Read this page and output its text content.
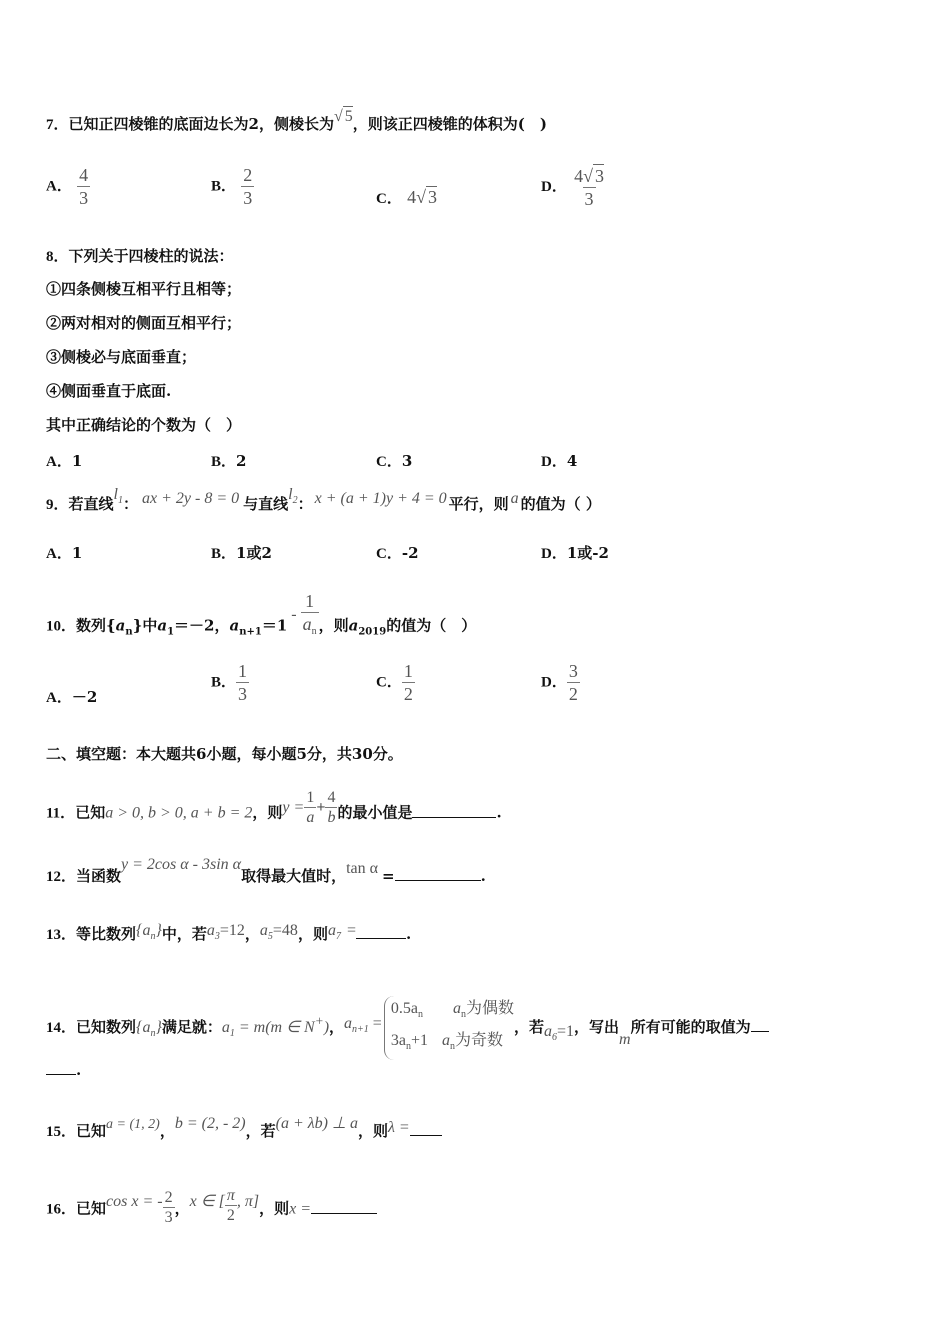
7．已知正四棱锥的底面边长为2，侧棱长为√ 5，则该正四棱锥的体积为(　)
A． $\frac{4}{3}$	B． $\frac{2}{3}$	C． 4√ 3	D． $\frac{4√ 3}{3}$
8．下列关于四棱柱的说法：
①四条侧棱互相平行且相等；
②两对相对的侧面互相平行；
③侧棱必与底面垂直；
④侧面垂直于底面.
其中正确结论的个数为（　）
A．1	B．2	C．3	D．4
9．若直线$l_1$： ax + 2y - 8 = 0 与直线$l_2$： x + (a + 1)y + 4 = 0 平行，则 a 的值为（ ）
A．1	B．1或2	C．-2	D．1或-2
10．数列$\{a_n\}$中$a_1=-2$，$a_{n+1}=1- \frac{1}{a_n}$ ，则$a_{2019}$的值为（　）
A．－2
B． $\frac{1}{3}$	C． $\frac{1}{2}$	D． $\frac{3}{2}$
二、填空题：本大题共6小题，每小题5分，共30分。
11．已知a > 0, b > 0, a + b = 2，则$y = \frac{1}{a} + \frac{4}{b}$ 的最小值是	.
12．当函数y = 2cos α - 3sin α取得最大值时，tan α =	.
13．等比数列$\{a_n\}$中，若$a_3=12$，$a_5=48$，则$a_7$ =	.
14．已知数列$\{a_n\}$满足就：$a_1 = m(m$ ∈ N+)，$a_{n+1}$ =
$0.5a_n$ $a_n$为偶数
$3a_n+1$ $a_n$为奇数
，若$a_6=1$，写出m所有可能的取值为
.
15．已知a = (1, 2)，b = (2, - 2)，若(a + λb) ⊥ a，则λ =
16．已知cos x = - $\frac{2}{3}$ ，x ∈ [ $\frac{\pi}{2}$ , π]，则x =
